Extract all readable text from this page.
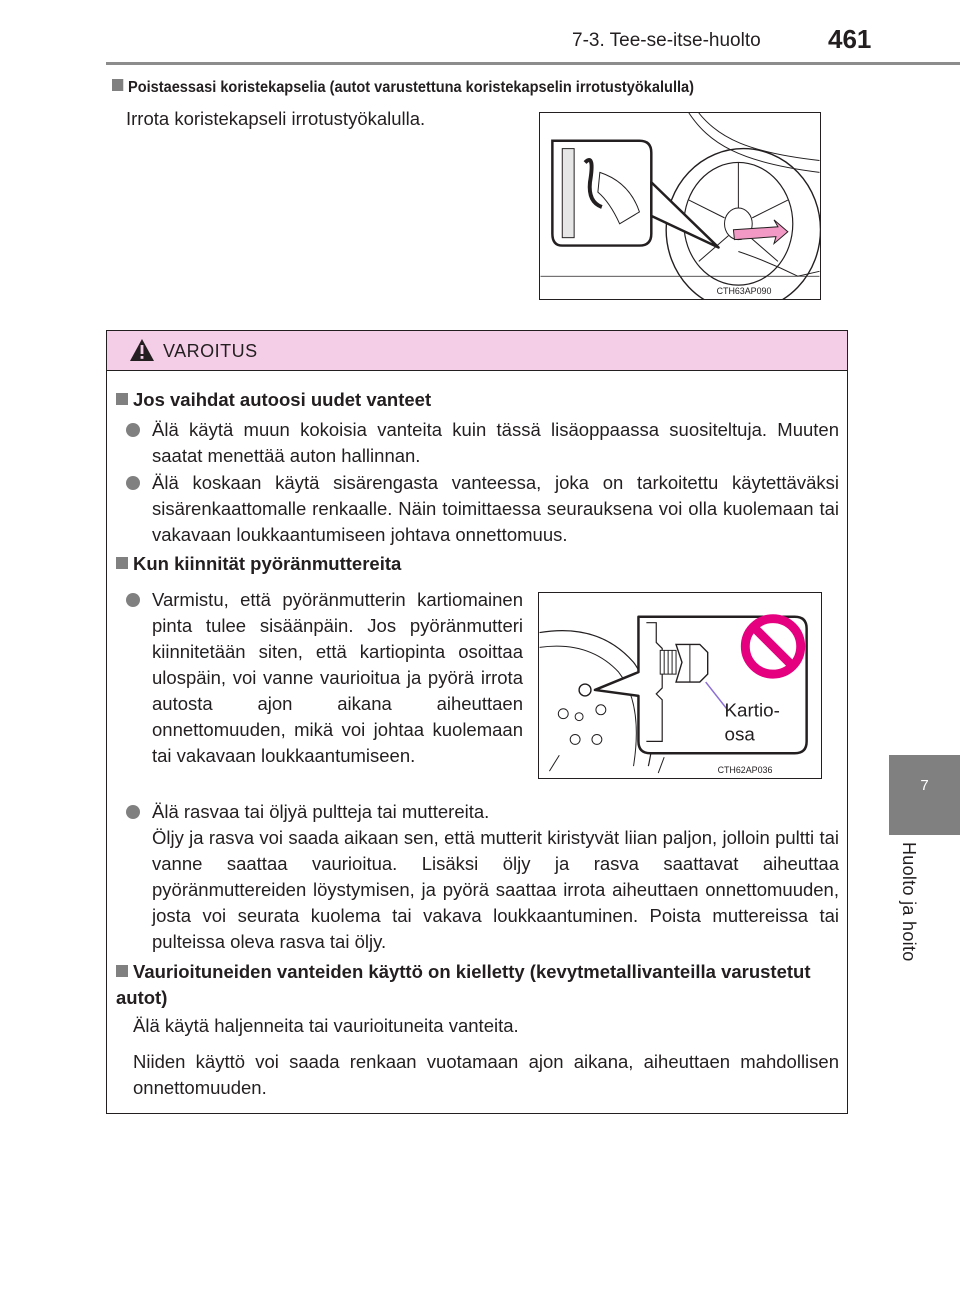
7-3. Tee-se-itse-huolto	461
7
Huolto ja hoito
Poistaessasi koristekapselia (autot varustettuna koristekapselin irrotustyökalulla)
Irrota koristekapseli irrotustyökalulla.
CTH63AP090
VAROITUS
Jos vaihdat autoosi uudet vanteet
Älä käytä muun kokoisia vanteita kuin tässä lisäoppaassa suositeltuja. Muuten saatat menettää auton hallinnan.
Älä koskaan käytä sisärengasta vanteessa, joka on tarkoitettu käytettäväksi sisärenkaattomalle renkaalle. Näin toimittaessa seurauksena voi olla kuolemaan tai vakavaan loukkaantumiseen johtava onnettomuus.
Kun kiinnität pyöränmuttereita
Varmistu, että pyöränmutterin kartiomainen pinta tulee sisäänpäin. Jos pyöränmutteri kiinnitetään siten, että kartiopinta osoittaa ulospäin, voi vanne vaurioitua ja pyörä irrota autosta ajon aikana aiheuttaen onnettomuuden, mikä voi johtaa kuolemaan tai vakavaan loukkaantumiseen.
Älä rasvaa tai öljyä pultteja tai muttereita.
Öljy ja rasva voi saada aikaan sen, että mutterit kiristyvät liian paljon, jolloin pultti tai vanne saattaa vaurioitua. Lisäksi öljy ja rasva saattavat aiheuttaa pyöränmuttereiden löystymisen, ja pyörä saattaa irrota aiheuttaen onnettomuuden, josta voi seurata kuolema tai vakava loukkaantuminen. Poista muttereissa tai pulteissa oleva rasva tai öljy.
Vaurioituneiden vanteiden käyttö on kielletty (kevytmetallivanteilla varustetut autot)
Älä käytä haljenneita tai vaurioituneita vanteita.
Niiden käyttö voi saada renkaan vuotamaan ajon aikana, aiheuttaen mahdollisen onnettomuuden.
Kartio-
osa
CTH62AP036
